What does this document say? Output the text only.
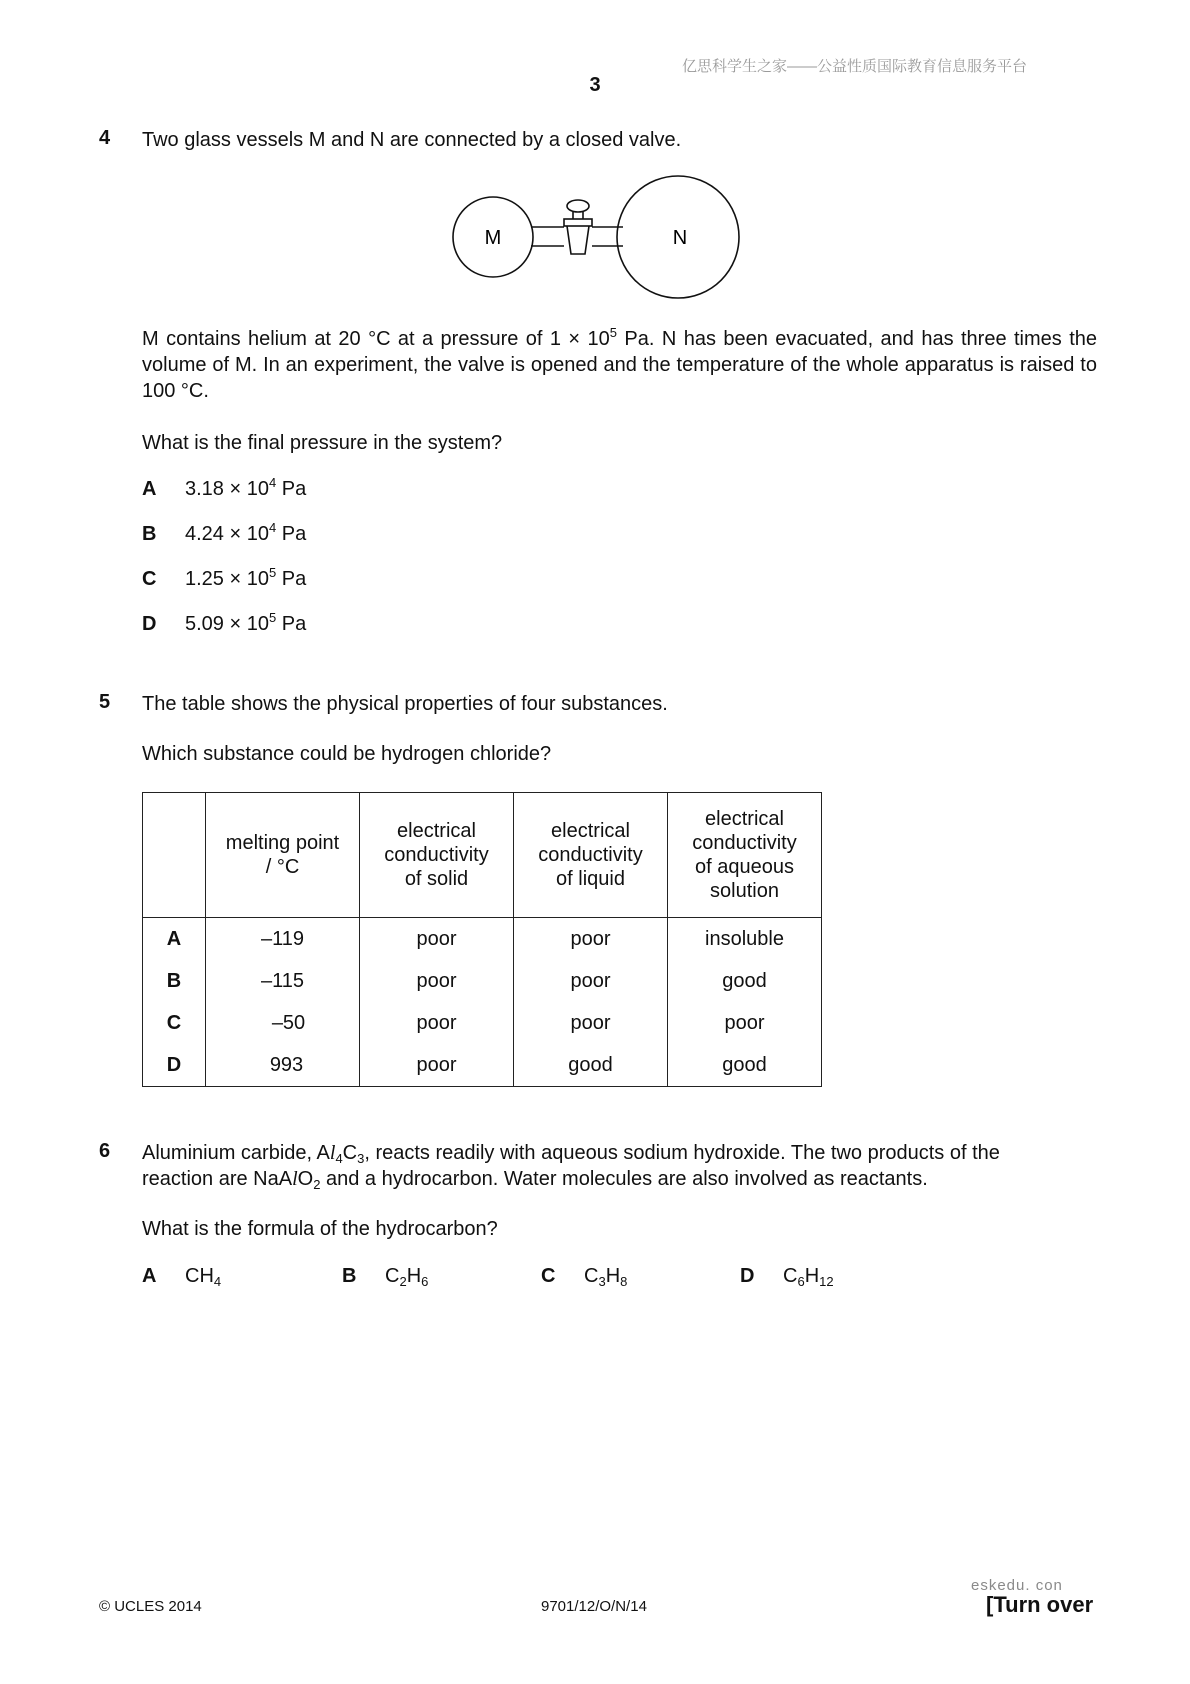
亿思科学生之家——公益性质国际教育信息服务平台
3
4 Two glass vessels M and N are connected by a closed valve.
M	N
M contains helium at 20 °C at a pressure of $1 \times 10^5$ Pa. N has been evacuated, and has three times the volume of M. In an experiment, the valve is opened and the temperature of the whole apparatus is raised to 100 °C.
What is the final pressure in the system?
A $3.18 \times 10^4$ Pa
B $4.24 \times 10^4$ Pa
C $1.25 \times 10^5$ Pa
D $5.09 \times 10^5$ Pa
5 The table shows the physical properties of four substances.
Which substance could be hydrogen chloride?
	melting point
/ °C	electrical
conductivity
of solid	electrical
conductivity
of liquid	electrical
conductivity
of aqueous
solution
A	–119	poor	poor	insoluble
B	–115	poor	poor	good
C	–50	poor	poor	poor
D	993	poor	good	good
6 Aluminium carbide, $Al_4C_3$, reacts readily with aqueous sodium hydroxide. The two products of the
reaction are NaAlO$_2$ and a hydrocarbon. Water molecules are also involved as reactants.
What is the formula of the hydrocarbon?
A $CH_4$	B $C_2H_6$	C $C_3H_8$	D $C_6H_{12}$
eskedu. con
© UCLES 2014	9701/12/O/N/14	[Turn over
